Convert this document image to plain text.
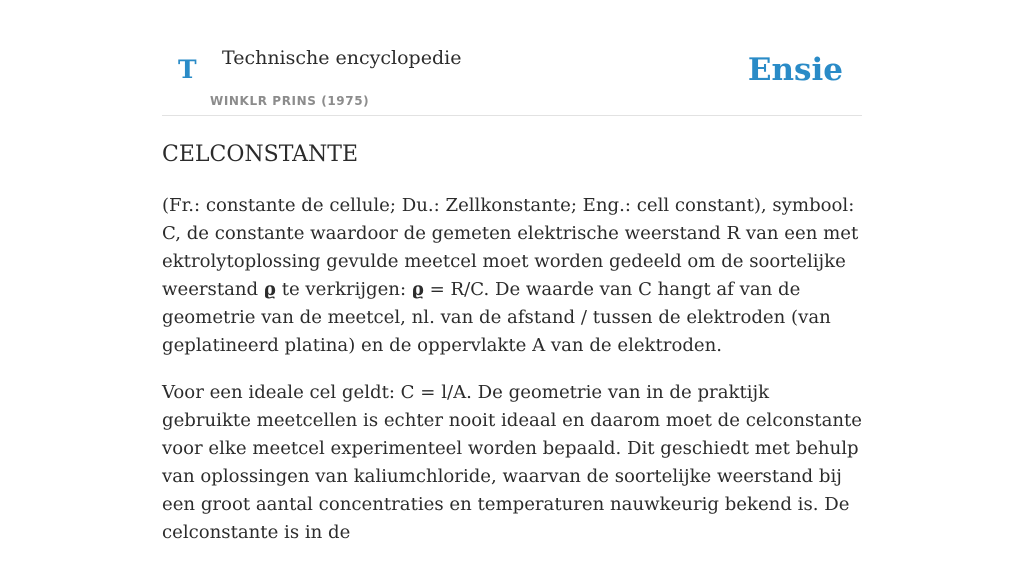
T Technische encyclopedie
WINKLR PRINS (1975)
Ensie
CELCONSTANTE

(Fr.: constante de cellule; Du.: Zellkonstante; Eng.: cell constant), symbool: C, de constante waardoor de gemeten elektrische weerstand R van een met ektrolytoplossing gevulde meetcel moet worden gedeeld om de soortelijke weerstand ϱ te verkrijgen: ϱ = R/C. De waarde van C hangt af van de geometrie van de meetcel, nl. van de afstand / tussen de elektroden (van geplatineerd platina) en de oppervlakte A van de elektroden.

Voor een ideale cel geldt: C = l/A. De geometrie van in de praktijk gebruikte meetcellen is echter nooit ideaal en daarom moet de celconstante voor elke meetcel experimenteel worden bepaald. Dit geschiedt met behulp van oplossingen van kaliumchloride, waarvan de soortelijke weerstand bij een groot aantal concentraties en temperaturen nauwkeurig bekend is. De celconstante is in de
